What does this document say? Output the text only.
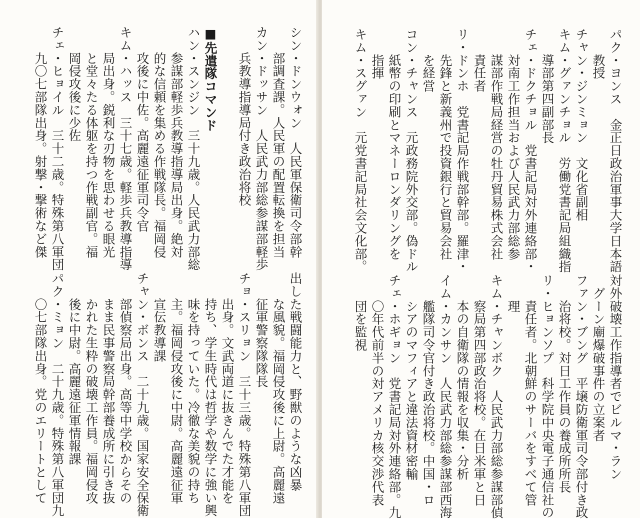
シン・ドンウォン　人民軍保衛司令部幹
　　部調査課。人民軍の配置転換を担当
カン・ドッサン　人民武力部総参謀部軽歩
　　兵教導指導局付き政治将校

■先遣隊コマンド
ハン・スンジン　三十九歳。人民武力部総
　　参謀部軽歩兵教導指導局出身。絶対
　　的な信頼を集める作戦隊長。福岡侵
　　攻後に中佐。高麗遠征軍司令官
キム・ハッス　三十七歳。軽歩兵教導指導
　　局出身。鋭利な刃物を思わせる眼光
　　と堂々たる体躯を持つ作戦副官。福
　　岡侵攻後に少佐
チェ・ヒョイル　三十二歳。特殊第八軍団
　　九〇七部隊出身。射撃・撃術など傑
出した戦闘能力と、野獣のような凶暴
　　な風貌。福岡侵攻後に上尉。高麗遠
　　征軍警察隊隊長
チョ・スリョン　三十三歳。特殊第八軍団
　　出身。文武両道に抜きんでた才能を
　　持ち、学生時代は哲学や数学に強い興
　　味を持っていた。冷徹な美貌の持ち
　　主。福岡侵攻後に中尉。高麗遠征軍
　　宣伝教導課
チャン・ボンス　二十九歳。国家安全保衛
　　部偵察局出身。高等中学校からその
　　まま民事警察局幹部養成所に引き抜
　　かれた生粋の破壊工作員。福岡侵攻
　　後に中尉。高麗遠征軍情報課
パク・ミョン　二十九歳。特殊第八軍団九
　　〇七部隊出身。党のエリートとして
パク・ヨンス　金正日政治軍事大学日本語
　　教授
チャン・ジンミョン　文化省副相
キム・グァンチョル　労働党書記局組織指
　　導部第四副部長
チェ・ドクチョル　党書記局対外連絡部・
　　対南工作担当および人民武力部総参
　　謀部作戦局経営の牡丹貿易株式会社
　　責任者
リ・ドンホ　党書記局作戦部幹部。羅津・
　　先鋒と新義州で投資銀行と貿易会社
　　を経営
コン・チャンス　元政務院外交部。偽ドル
　　紙幣の印刷とマネーロンダリングを
　　指揮
キム・スグァン　元党書記局社会文化部。
対外破壊工作指導者でビルマ・ラン
　グーン廟爆破事件の立案者
ファン・ブング　平壌防衛軍司令部付き政
　　治将校。対日工作員の養成所所長
リ・ヒョンソプ　科学院中央電子通信社の
　　責任者。北朝鮮のサーバをすべて管
　　理
キム・チャンボク　人民武力部総参謀部偵
　　察局第四部政治将校。在日米軍と日
　　本の自衛隊の情報を収集・分析
イム・カンサン　人民武力部総参謀部西海
　　艦隊司令官付き政治将校。中国・ロ
　　シアのマフィアと違法資材密輸
チェ・ホギョン　党書記局対外連絡部。九
　　〇年代前半の対アメリカ核交渉代表
　　団を監視
